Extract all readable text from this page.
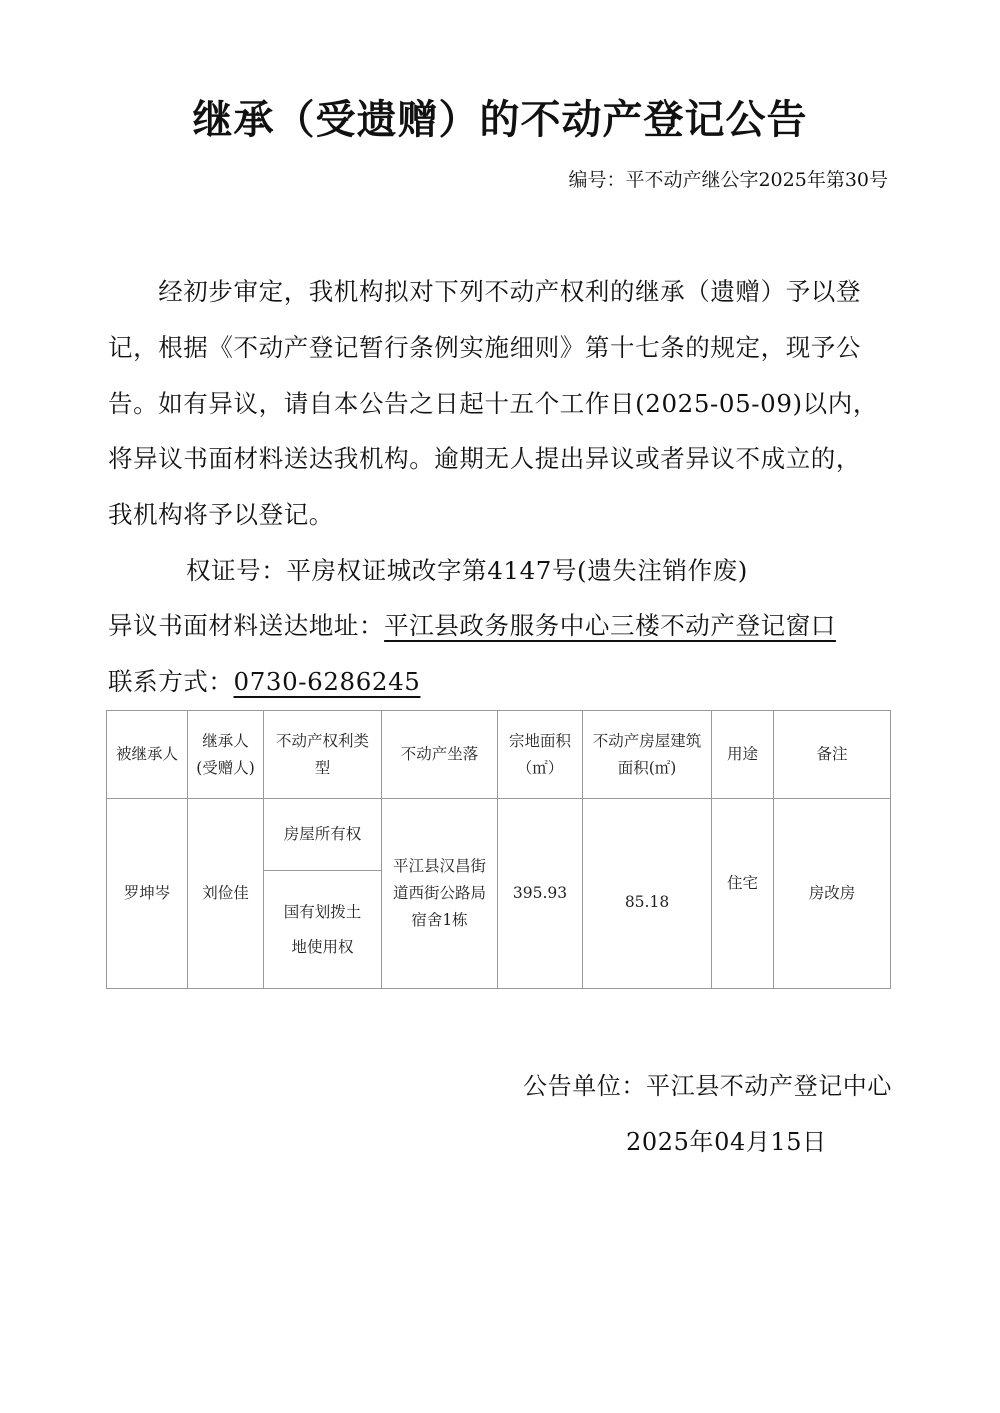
继承（受遗赠）的不动产登记公告
编号：平不动产继公字2025年第30号
　　经初步审定，我机构拟对下列不动产权利的继承（遗赠）予以登
记，根据《不动产登记暂行条例实施细则》第十七条的规定，现予公
告。如有异议，请自本公告之日起十五个工作日(2025-05-09)以内，
将异议书面材料送达我机构。逾期无人提出异议或者异议不成立的，
我机构将予以登记。
权证号：平房权证城改字第4147号(遗失注销作废)
异议书面材料送达地址：平江县政务服务中心三楼不动产登记窗口
联系方式：0730-6286245
被继承人	继承人(受赠人)	不动产权利类　型	不动产坐落	宗地面积（㎡）	不动产房屋建筑面积(㎡)	用途	备注
罗坤岑	刘俭佳	房屋所有权	平江县汉昌街道西街公路局宿舍1栋	395.93	85.18	住宅	房改房
		国有划拨土地使用权					
公告单位：平江县不动产登记中心
2025年04月15日
